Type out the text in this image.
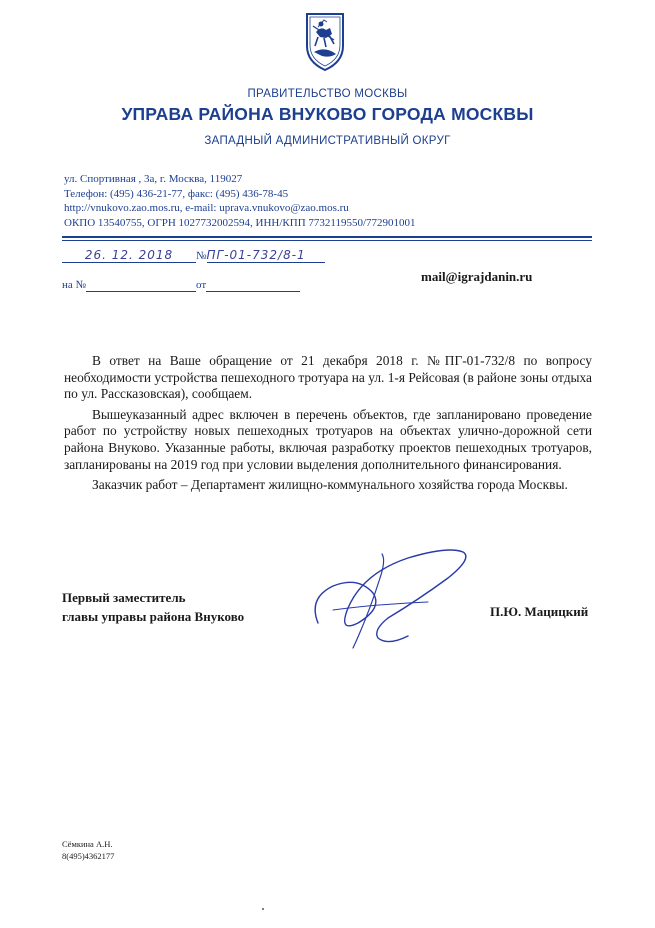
ПРАВИТЕЛЬСТВО МОСКВЫ
УПРАВА РАЙОНА ВНУКОВО ГОРОДА МОСКВЫ
ЗАПАДНЫЙ АДМИНИСТРАТИВНЫЙ ОКРУГ
ул. Спортивная , 3а, г. Москва, 119027
Телефон: (495) 436-21-77, факс: (495) 436-78-45
http://vnukovo.zao.mos.ru, e-mail: uprava.vnukovo@zao.mos.ru
ОКПО 13540755, ОГРН 1027732002594, ИНН/КПП 7732119550/772901001
26. 12. 2018 №ПГ-01-732/8-1
на №	от
mail@igrajdanin.ru

В ответ на Ваше обращение от 21 декабря 2018 г. №ПГ-01-732/8 по вопросу необходимости устройства пешеходного тротуара на ул. 1-я Рейсовая (в районе зоны отдыха по ул. Рассказовская), сообщаем.

Вышеуказанный адрес включен в перечень объектов, где запланировано проведение работ по устройству новых пешеходных тротуаров на объектах улично-дорожной сети района Внуково. Указанные работы, включая разработку проектов пешеходных тротуаров, запланированы на 2019 год при условии выделения дополнительного финансирования.

Заказчик работ – Департамент жилищно-коммунального хозяйства города Москвы.

Первый заместитель
главы управы района Внуково	П.Ю. Мацицкий
Сёмкина А.Н.
8(495)4362177
